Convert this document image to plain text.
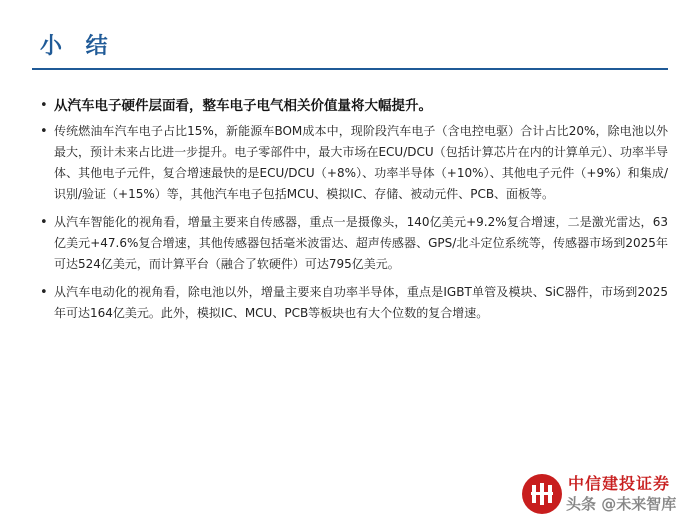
小 结
• 从汽车电子硬件层面看，整车电子电气相关价值量将大幅提升。
• 传统燃油车汽车电子占比15%，新能源车BOM成本中，现阶段汽车电子（含电控电驱）合计占比20%，除电池以外最大，预计未来占比进一步提升。电子零部件中，最大市场在ECU/DCU（包括计算芯片在内的计算单元）、功率半导体、其他电子元件，复合增速最快的是ECU/DCU（+8%）、功率半导体（+10%）、其他电子元件（+9%）和集成/识别/验证（+15%）等，其他汽车电子包括MCU、模拟IC、存储、被动元件、PCB、面板等。
• 从汽车智能化的视角看，增量主要来自传感器，重点一是摄像头，140亿美元+9.2%复合增速，二是激光雷达，63亿美元+47.6%复合增速，其他传感器包括毫米波雷达、超声传感器、GPS/北斗定位系统等，传感器市场到2025年可达524亿美元，而计算平台（融合了软硬件）可达795亿美元。
• 从汽车电动化的视角看，除电池以外，增量主要来自功率半导体，重点是IGBT单管及模块、SiC器件，市场到2025年可达164亿美元。此外，模拟IC、MCU、PCB等板块也有大个位数的复合增速。
中信建投证券
头条 @未来智库
